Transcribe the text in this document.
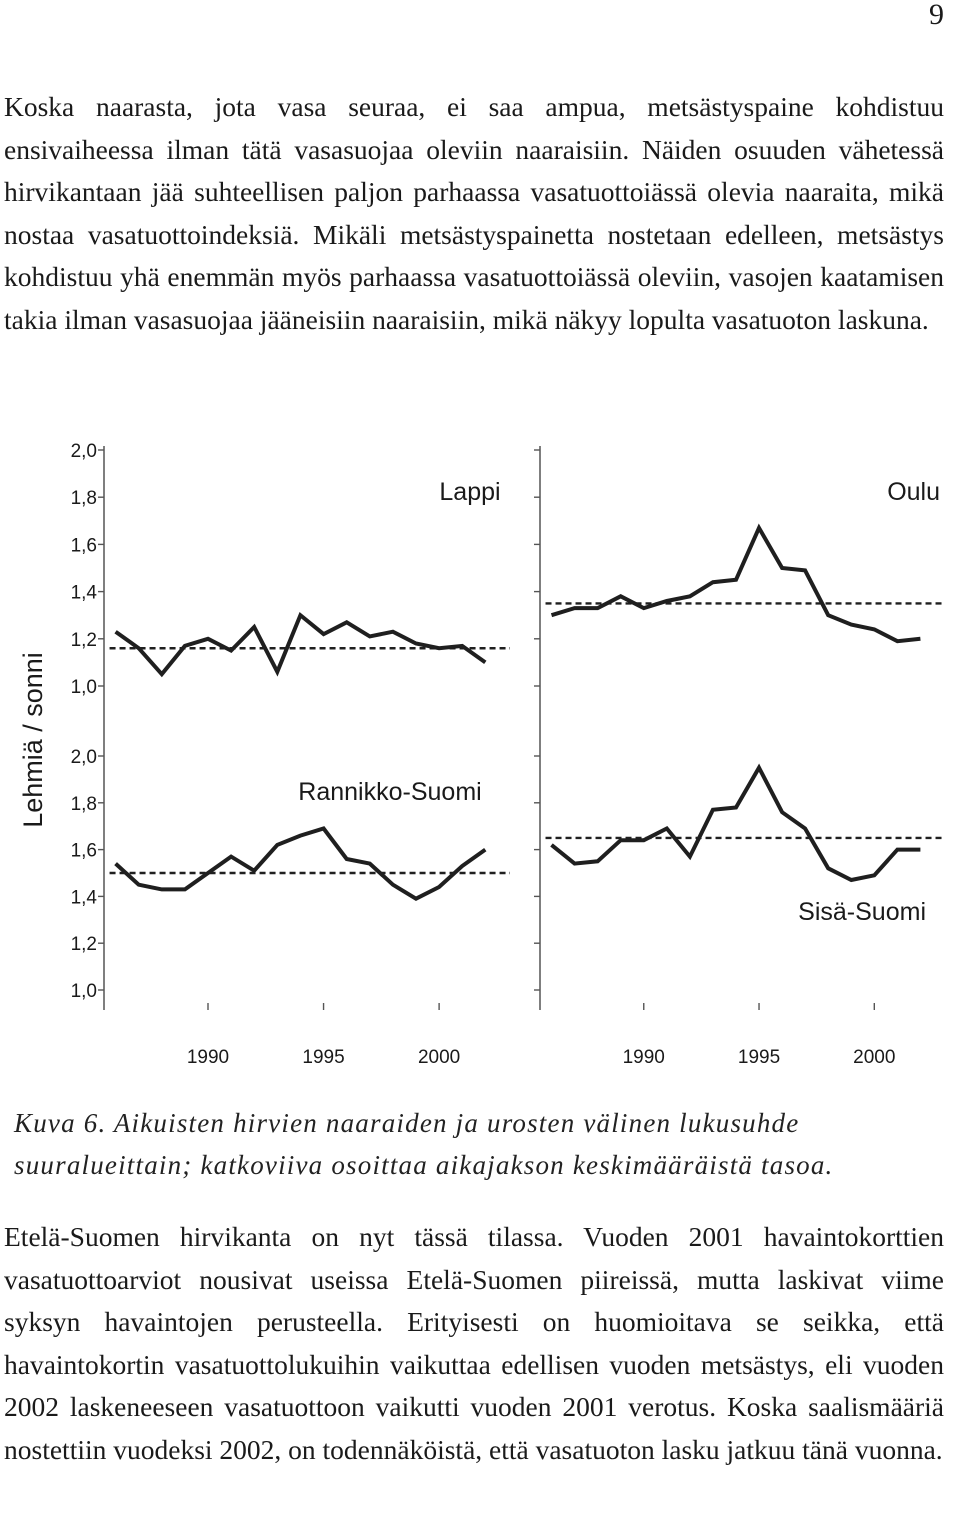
9

Koska naarasta, jota vasa seuraa, ei saa ampua, metsästyspaine kohdistuu ensivaiheessa ilman tätä vasasuojaa oleviin naaraisiin. Näiden osuuden vähetessä hirvikantaan jää suhteellisen paljon parhaassa vasatuottoiässä olevia naaraita, mikä nostaa vasatuottoindeksiä. Mikäli metsästyspainetta nostetaan edelleen, metsästys kohdistuu yhä enemmän myös parhaassa vasatuottoiässä oleviin, vasojen kaatamisen takia ilman vasasuojaa jääneisiin naaraisiin, mikä näkyy lopulta vasatuoton laskuna.

1,0
1,2
1,4
1,6
1,8
2,0
1,0
1,2
1,4
1,6
1,8
2,0
1990	1995	2000	1990	1995	2000
Lehmiä / sonni
Lappi	Oulu
Rannikko-Suomi
Sisä-Suomi

Kuva 6. Aikuisten hirvien naaraiden ja urosten välinen lukusuhde suuralueittain; katkoviiva osoittaa aikajakson keskimääräistä tasoa.

Etelä-Suomen hirvikanta on nyt tässä tilassa. Vuoden 2001 havaintokorttien vasatuottoarviot nousivat useissa Etelä-Suomen piireissä, mutta laskivat viime syksyn havaintojen perusteella. Erityisesti on huomioitava se seikka, että havaintokortin vasatuottolukuihin vaikuttaa edellisen vuoden metsästys, eli vuoden 2002 laskeneeseen vasatuottoon vaikutti vuoden 2001 verotus. Koska saalismääriä nostettiin vuodeksi 2002, on todennäköistä, että vasatuoton lasku jatkuu tänä vuonna.
